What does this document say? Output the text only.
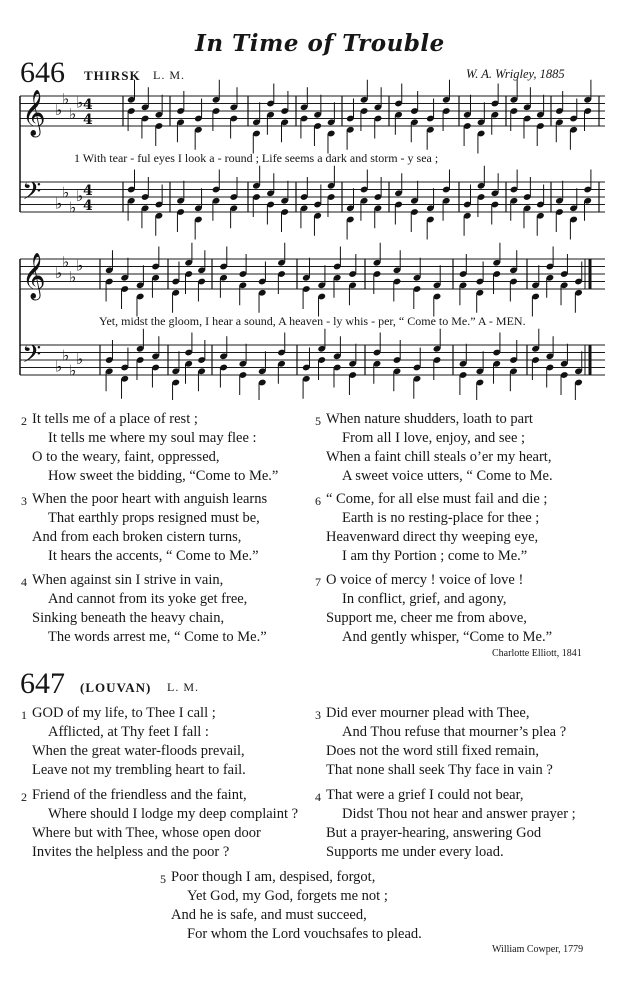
In Time of Trouble
646 THIRSK L. M.	W. A. Wrigley, 1885
𝄞 ♭
♭
♭
♭ 4
4
𝄢 ♭
♭
♭
♭ 4
4
𝄞 ♭
♭
♭
♭
𝄢 ♭
♭
♭
♭
1 With tear - ful eyes I look a - round ; Life seems a dark and storm - y sea ;
Yet, midst the gloom, I hear a sound, A heaven - ly whis - per, “ Come to Me.” A - MEN.
2 It tells me of a place of rest ;
It tells me where my soul may flee :
O to the weary, faint, oppressed,
How sweet the bidding, “Come to Me.”
3 When the poor heart with anguish learns
That earthly props resigned must be,
And from each broken cistern turns,
It hears the accents, “ Come to Me.”
4 When against sin I strive in vain,
And cannot from its yoke get free,
Sinking beneath the heavy chain,
The words arrest me, “ Come to Me.”
5 When nature shudders, loath to part
From all I love, enjoy, and see ;
When a faint chill steals o’er my heart,
A sweet voice utters, “ Come to Me.
6 “ Come, for all else must fail and die ;
Earth is no resting-place for thee ;
Heavenward direct thy weeping eye,
I am thy Portion ; come to Me.”
7 O voice of mercy ! voice of love !
In conflict, grief, and agony,
Support me, cheer me from above,
And gently whisper, “Come to Me.”
Charlotte Elliott, 1841
647 (LOUVAN) L. M.
1 GOD of my life, to Thee I call ;
Afflicted, at Thy feet I fall :
When the great water-floods prevail,
Leave not my trembling heart to fail.
2 Friend of the friendless and the faint,
Where should I lodge my deep complaint ?
Where but with Thee, whose open door
Invites the helpless and the poor ?
3 Did ever mourner plead with Thee,
And Thou refuse that mourner’s plea ?
Does not the word still fixed remain,
That none shall seek Thy face in vain ?
4 That were a grief I could not bear,
Didst Thou not hear and answer prayer ;
But a prayer-hearing, answering God
Supports me under every load.
5 Poor though I am, despised, forgot,
Yet God, my God, forgets me not ;
And he is safe, and must succeed,
For whom the Lord vouchsafes to plead.
William Cowper, 1779
